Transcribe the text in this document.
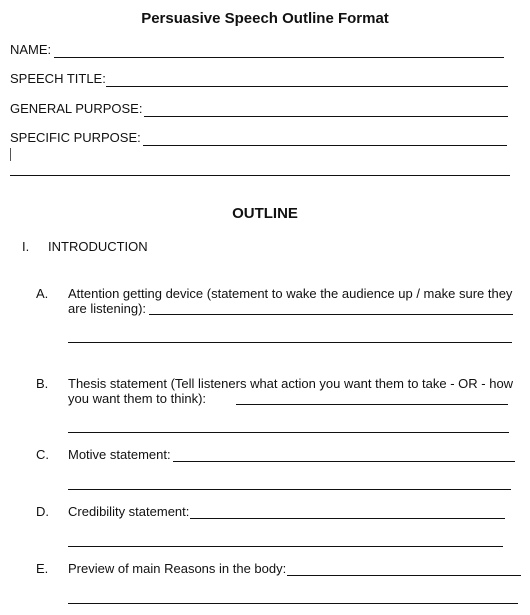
Persuasive Speech Outline Format
NAME:
SPEECH TITLE:
GENERAL PURPOSE:
SPECIFIC PURPOSE:
OUTLINE
I. INTRODUCTION
A. Attention getting device (statement to wake the audience up / make sure they
are listening):
B. Thesis statement (Tell listeners what action you want them to take - OR - how
you want them to think):
C. Motive statement:
D. Credibility statement:
E. Preview of main Reasons in the body:
